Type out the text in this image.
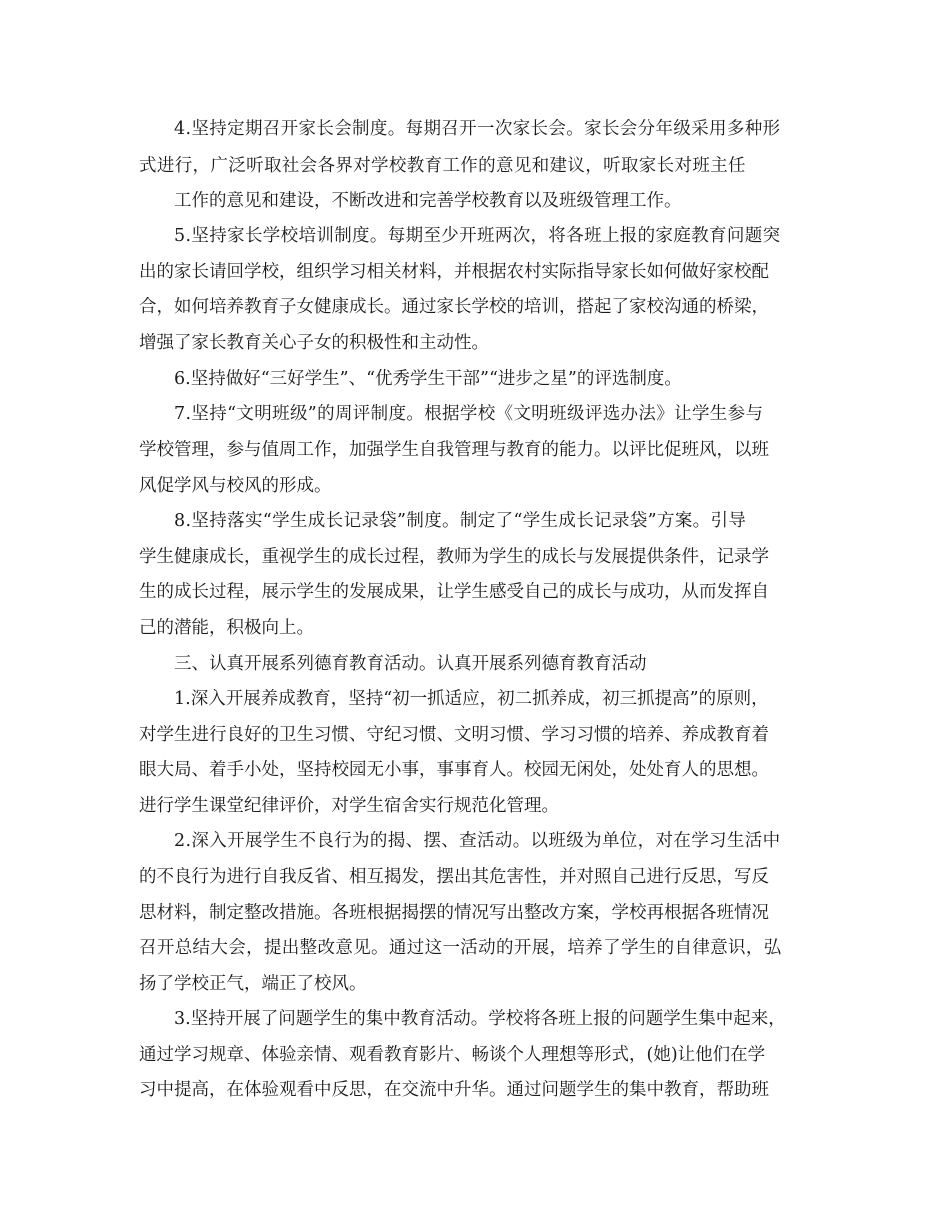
4.坚持定期召开家长会制度。每期召开一次家长会。家长会分年级采用多种形
式进行，广泛听取社会各界对学校教育工作的意见和建议，听取家长对班主任
工作的意见和建设，不断改进和完善学校教育以及班级管理工作。
5.坚持家长学校培训制度。每期至少开班两次，将各班上报的家庭教育问题突
出的家长请回学校，组织学习相关材料，并根据农村实际指导家长如何做好家校配
合，如何培养教育子女健康成长。通过家长学校的培训，搭起了家校沟通的桥梁，
增强了家长教育关心子女的积极性和主动性。
6.坚持做好“三好学生”、“优秀学生干部”“进步之星”的评选制度。
7.坚持“文明班级”的周评制度。根据学校《文明班级评选办法》让学生参与
学校管理，参与值周工作，加强学生自我管理与教育的能力。以评比促班风，以班
风促学风与校风的形成。
8.坚持落实“学生成长记录袋”制度。制定了“学生成长记录袋”方案。引导
学生健康成长，重视学生的成长过程，教师为学生的成长与发展提供条件，记录学
生的成长过程，展示学生的发展成果，让学生感受自己的成长与成功，从而发挥自
己的潜能，积极向上。
三、认真开展系列德育教育活动。认真开展系列德育教育活动
1.深入开展养成教育，坚持“初一抓适应，初二抓养成，初三抓提高”的原则，
对学生进行良好的卫生习惯、守纪习惯、文明习惯、学习习惯的培养、养成教育着
眼大局、着手小处，坚持校园无小事，事事育人。校园无闲处，处处育人的思想。
进行学生课堂纪律评价，对学生宿舍实行规范化管理。
2.深入开展学生不良行为的揭、摆、查活动。以班级为单位，对在学习生活中
的不良行为进行自我反省、相互揭发，摆出其危害性，并对照自己进行反思，写反
思材料，制定整改措施。各班根据揭摆的情况写出整改方案，学校再根据各班情况
召开总结大会，提出整改意见。通过这一活动的开展，培养了学生的自律意识，弘
扬了学校正气，端正了校风。
3.坚持开展了问题学生的集中教育活动。学校将各班上报的问题学生集中起来，
通过学习规章、体验亲情、观看教育影片、畅谈个人理想等形式，(她)让他们在学
习中提高，在体验观看中反思，在交流中升华。通过问题学生的集中教育，帮助班
